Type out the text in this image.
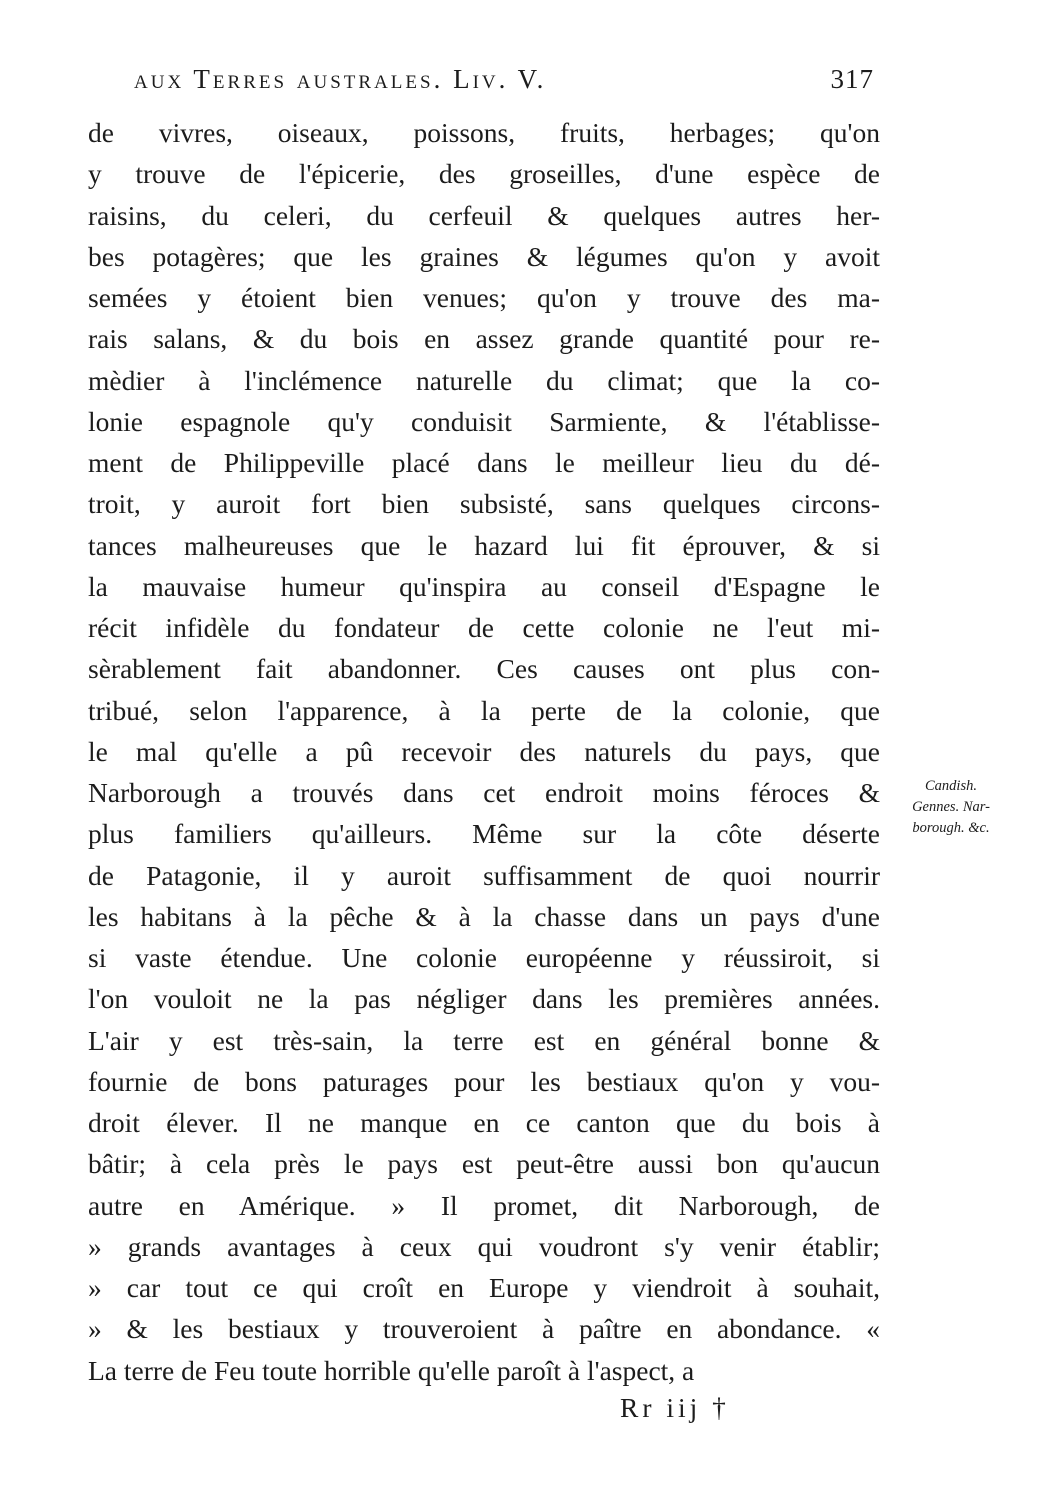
aux Terres australes. Liv. V.	317
de vivres, oiseaux, poissons, fruits, herbages; qu'on
y trouve de l'épicerie, des groseilles, d'une espèce de
raisins, du celeri, du cerfeuil & quelques autres her-
bes potagères; que les graines & légumes qu'on y avoit
semées y étoient bien venues; qu'on y trouve des ma-
rais salans, & du bois en assez grande quantité pour re-
mèdier à l'inclémence naturelle du climat; que la co-
lonie espagnole qu'y conduisit Sarmiente, & l'établisse-
ment de Philippeville placé dans le meilleur lieu du dé-
troit, y auroit fort bien subsisté, sans quelques circons-
tances malheureuses que le hazard lui fit éprouver, & si
la mauvaise humeur qu'inspira au conseil d'Espagne le
récit infidèle du fondateur de cette colonie ne l'eut mi-
sèrablement fait abandonner. Ces causes ont plus con-
tribué, selon l'apparence, à la perte de la colonie, que
le mal qu'elle a pû recevoir des naturels du pays, que
Narborough a trouvés dans cet endroit moins féroces &
plus familiers qu'ailleurs. Même sur la côte déserte
de Patagonie, il y auroit suffisamment de quoi nourrir
les habitans à la pêche & à la chasse dans un pays d'une
si vaste étendue. Une colonie européenne y réussiroit, si
l'on vouloit ne la pas négliger dans les premières années.
L'air y est très-sain, la terre est en général bonne &
fournie de bons paturages pour les bestiaux qu'on y vou-
droit élever. Il ne manque en ce canton que du bois à
bâtir; à cela près le pays est peut-être aussi bon qu'aucun
autre en Amérique. » Il promet, dit Narborough, de
» grands avantages à ceux qui voudront s'y venir établir;
» car tout ce qui croît en Europe y viendroit à souhait,
» & les bestiaux y trouveroient à paître en abondance. «
La terre de Feu toute horrible qu'elle paroît à l'aspect, a
Candish.
Gennes. Nar-
borough. &c.
Rr iij †
